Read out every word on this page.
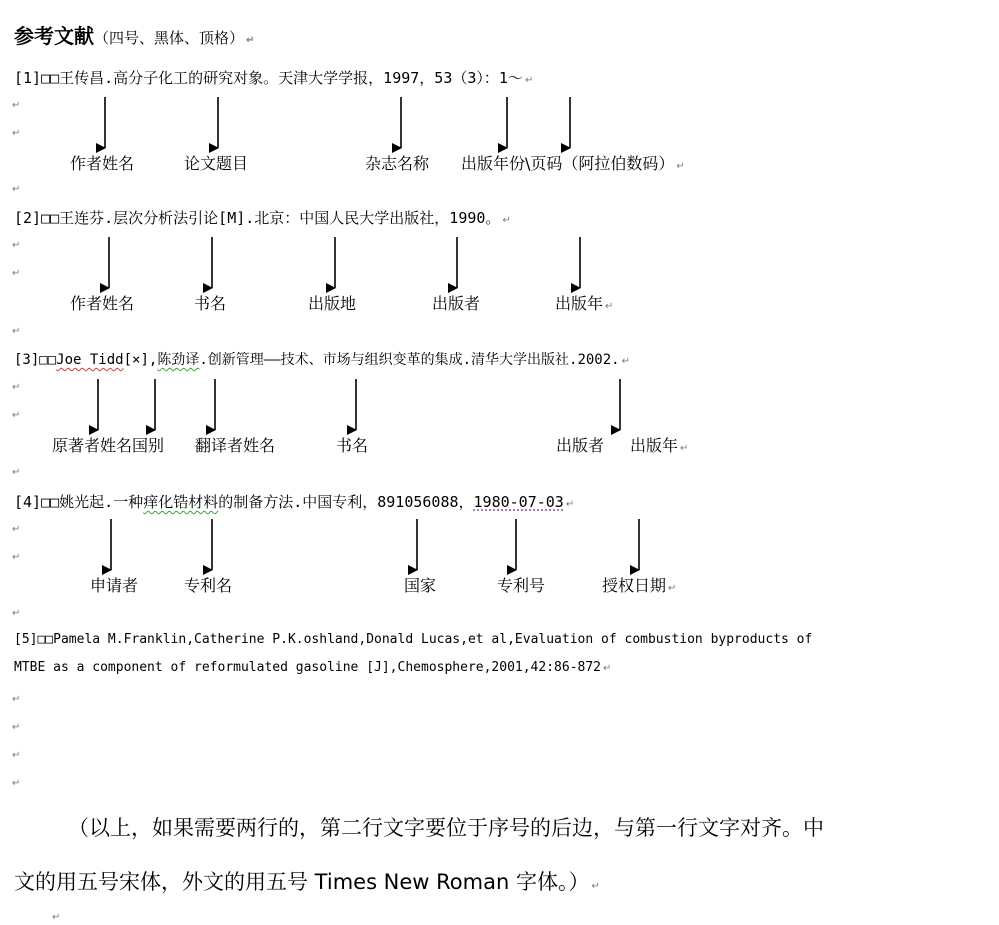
参考文献（四号、黑体、顶格） ↵
[1]□□王传昌.高分子化工的研究对象。天津大学学报，1997，53（3）：1～ ↵
↵
↵
作者姓名	论文题目	杂志名称 出版年份\页码（阿拉伯数码） ↵
↵
[2]□□王连芬.层次分析法引论[M].北京：中国人民大学出版社，1990。 ↵
↵
↵
作者姓名	书名	出版地	出版者	出版年 ↵
↵
[3]□□Joe Tidd[×],陈劲译.创新管理——技术、市场与组织变革的集成.清华大学出版社.2002. ↵
↵
↵
原著者姓名国别 翻译者姓名	书名	出版者 出版年 ↵
↵
[4]□□姚光起.一种痒化锆材料的制备方法.中国专利，891056088，1980-07-03 ↵
↵
↵
申请者	专利名	国家	专利号	授权日期 ↵
↵
[5]□□Pamela M.Franklin,Catherine P.K.oshland,Donald Lucas,et al,Evaluation of combustion byproducts of
MTBE as a component of reformulated gasoline [J],Chemosphere,2001,42:86-872 ↵
↵
↵
↵
↵
（以上，如果需要两行的，第二行文字要位于序号的后边，与第一行文字对齐。中
文的用五号宋体，外文的用五号 Times New Roman 字体。） ↵
↵
